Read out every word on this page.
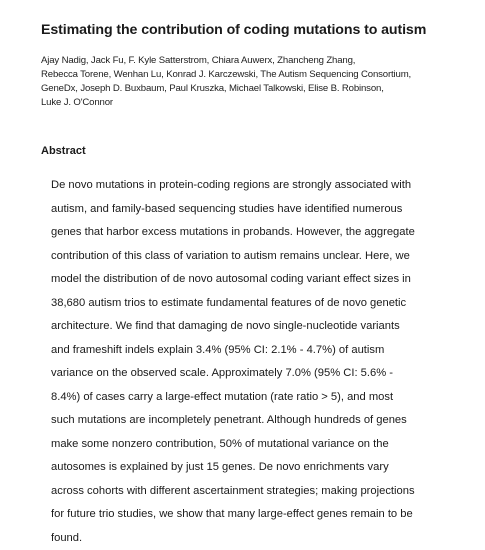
Estimating the contribution of coding mutations to autism
Ajay Nadig, Jack Fu, F. Kyle Satterstrom, Chiara Auwerx, Zhancheng Zhang,
Rebecca Torene, Wenhan Lu, Konrad J. Karczewski, The Autism Sequencing Consortium,
GeneDx, Joseph D. Buxbaum, Paul Kruszka, Michael Talkowski, Elise B. Robinson,
Luke J. O'Connor
Abstract
De novo mutations in protein-coding regions are strongly associated with
autism, and family-based sequencing studies have identified numerous
genes that harbor excess mutations in probands. However, the aggregate
contribution of this class of variation to autism remains unclear. Here, we
model the distribution of de novo autosomal coding variant effect sizes in
38,680 autism trios to estimate fundamental features of de novo genetic
architecture. We find that damaging de novo single-nucleotide variants
and frameshift indels explain 3.4% (95% CI: 2.1% - 4.7%) of autism
variance on the observed scale. Approximately 7.0% (95% CI: 5.6% -
8.4%) of cases carry a large-effect mutation (rate ratio > 5), and most
such mutations are incompletely penetrant. Although hundreds of genes
make some nonzero contribution, 50% of mutational variance on the
autosomes is explained by just 15 genes. De novo enrichments vary
across cohorts with different ascertainment strategies; making projections
for future trio studies, we show that many large-effect genes remain to be
found.
